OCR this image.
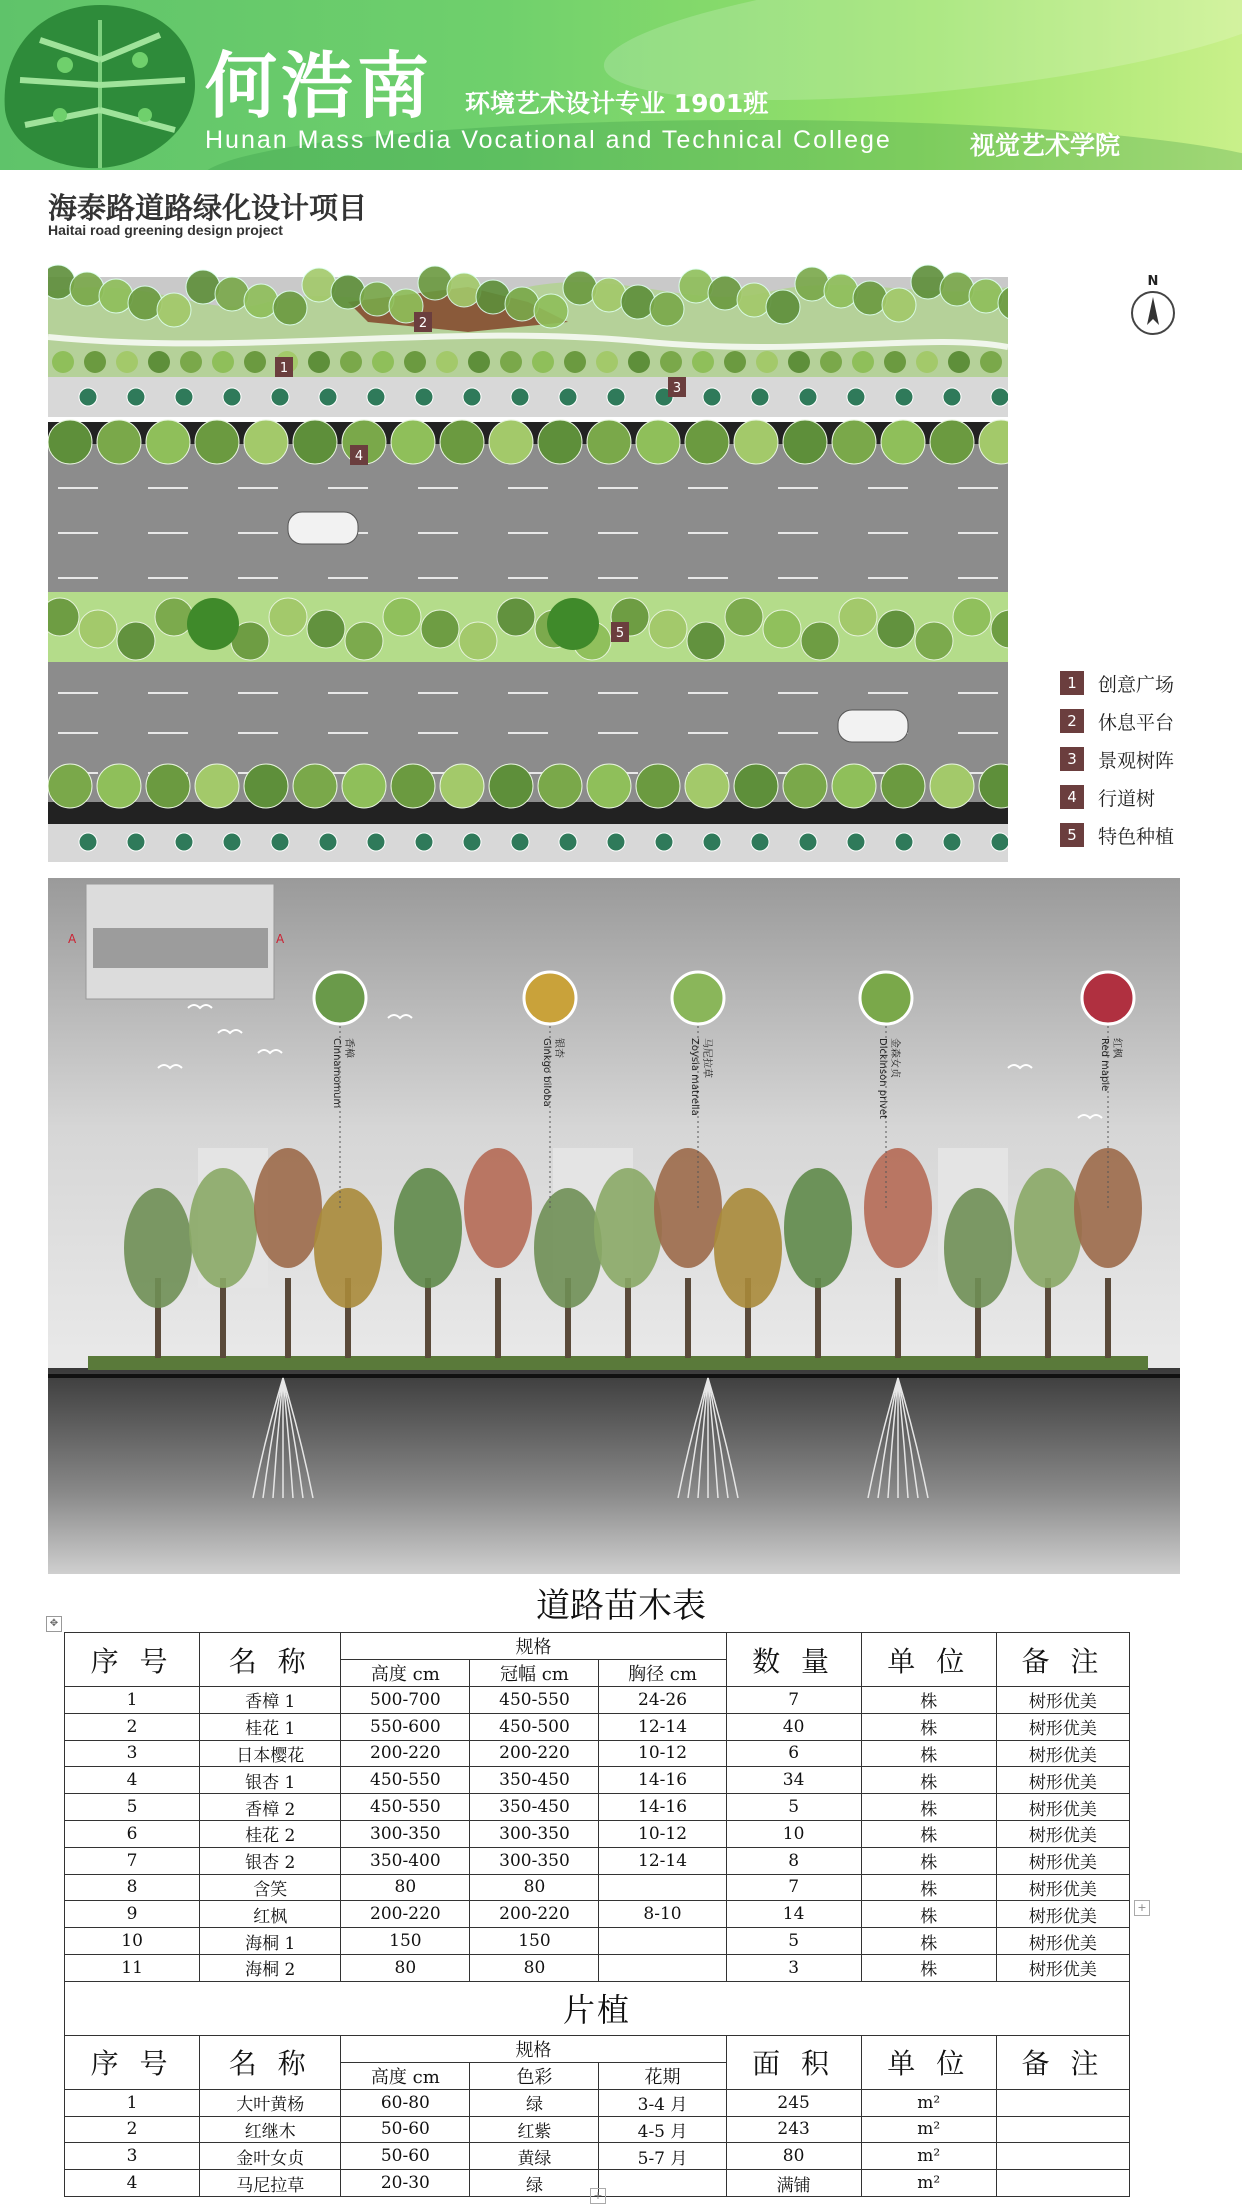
何浩南 环境艺术设计专业 1901班
Hunan Mass Media Vocational and Technical College	视觉艺术学院
海泰路道路绿化设计项目
Haitai road greening design project
1
2
3
4
5
N
1	创意广场
2	休息平台
3	景观树阵
4	行道树
5	特色种植
A	A
香樟
Cinnamomum	银杏
Ginkgo biloba	马尼拉草
Zoysia matrella	金森女贞
Dickinson privet	红枫
Red maple
道路苗木表
✥
序 号	名 称	规格			数 量	单 位	备 注
		高度 cm	冠幅 cm	胸径 cm			
1	香樟 1	500-700	450-550	24-26	7	株	树形优美
2	桂花 1	550-600	450-500	12-14	40	株	树形优美
3	日本樱花	200-220	200-220	10-12	6	株	树形优美
4	银杏 1	450-550	350-450	14-16	34	株	树形优美
5	香樟 2	450-550	350-450	14-16	5	株	树形优美
6	桂花 2	300-350	300-350	10-12	10	株	树形优美
7	银杏 2	350-400	300-350	12-14	8	株	树形优美
8	含笑	80	80		7	株	树形优美
9	红枫	200-220	200-220	8-10	14	株	树形优美
10	海桐 1	150	150		5	株	树形优美
11	海桐 2	80	80		3	株	树形优美
片植							
序 号	名 称	规格			面 积	单 位	备 注
		高度 cm	色彩	花期			
1	大叶黄杨	60-80	绿	3-4 月	245	m²	
2	红继木	50-60	红紫	4-5 月	243	m²	
3	金叶女贞	50-60	黄绿	5-7 月	80	m²	
4	马尼拉草	20-30	绿		满铺	m²	
+
+
